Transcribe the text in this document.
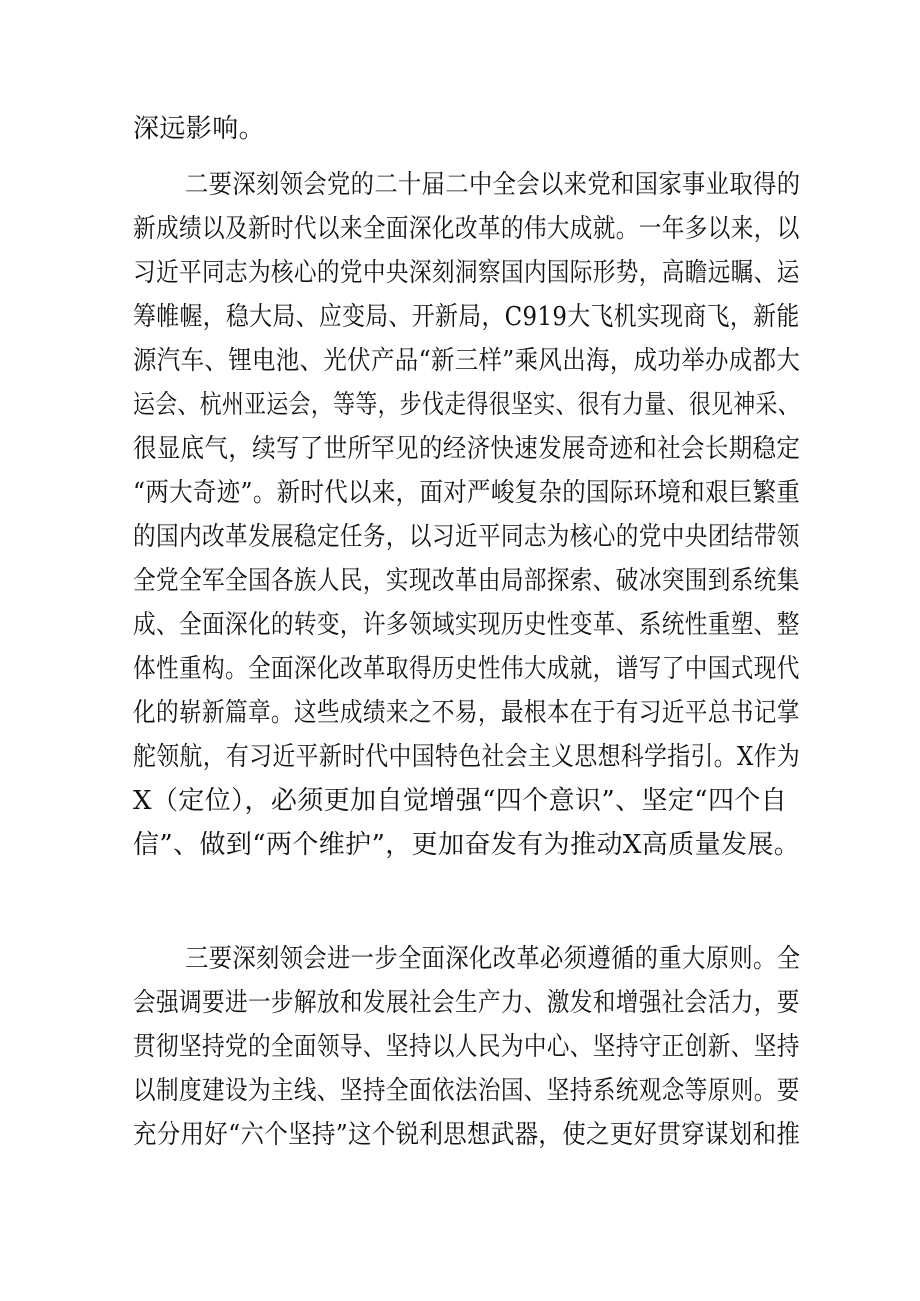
深远影响。
二要深刻领会党的二十届二中全会以来党和国家事业取得的
新成绩以及新时代以来全面深化改革的伟大成就。一年多以来，以
习近平同志为核心的党中央深刻洞察国内国际形势，高瞻远瞩、运
筹帷幄，稳大局、应变局、开新局，C919大飞机实现商飞，新能
源汽车、锂电池、光伏产品“新三样”乘风出海，成功举办成都大
运会、杭州亚运会，等等，步伐走得很坚实、很有力量、很见神采、
很显底气，续写了世所罕见的经济快速发展奇迹和社会长期稳定
“两大奇迹”。新时代以来，面对严峻复杂的国际环境和艰巨繁重
的国内改革发展稳定任务，以习近平同志为核心的党中央团结带领
全党全军全国各族人民，实现改革由局部探索、破冰突围到系统集
成、全面深化的转变，许多领域实现历史性变革、系统性重塑、整
体性重构。全面深化改革取得历史性伟大成就，谱写了中国式现代
化的崭新篇章。这些成绩来之不易，最根本在于有习近平总书记掌
舵领航，有习近平新时代中国特色社会主义思想科学指引。X作为
X（定位），必须更加自觉增强“四个意识”、坚定“四个自
信”、做到“两个维护”，更加奋发有为推动X高质量发展。
三要深刻领会进一步全面深化改革必须遵循的重大原则。全
会强调要进一步解放和发展社会生产力、激发和增强社会活力，要
贯彻坚持党的全面领导、坚持以人民为中心、坚持守正创新、坚持
以制度建设为主线、坚持全面依法治国、坚持系统观念等原则。要
充分用好“六个坚持”这个锐利思想武器，使之更好贯穿谋划和推
